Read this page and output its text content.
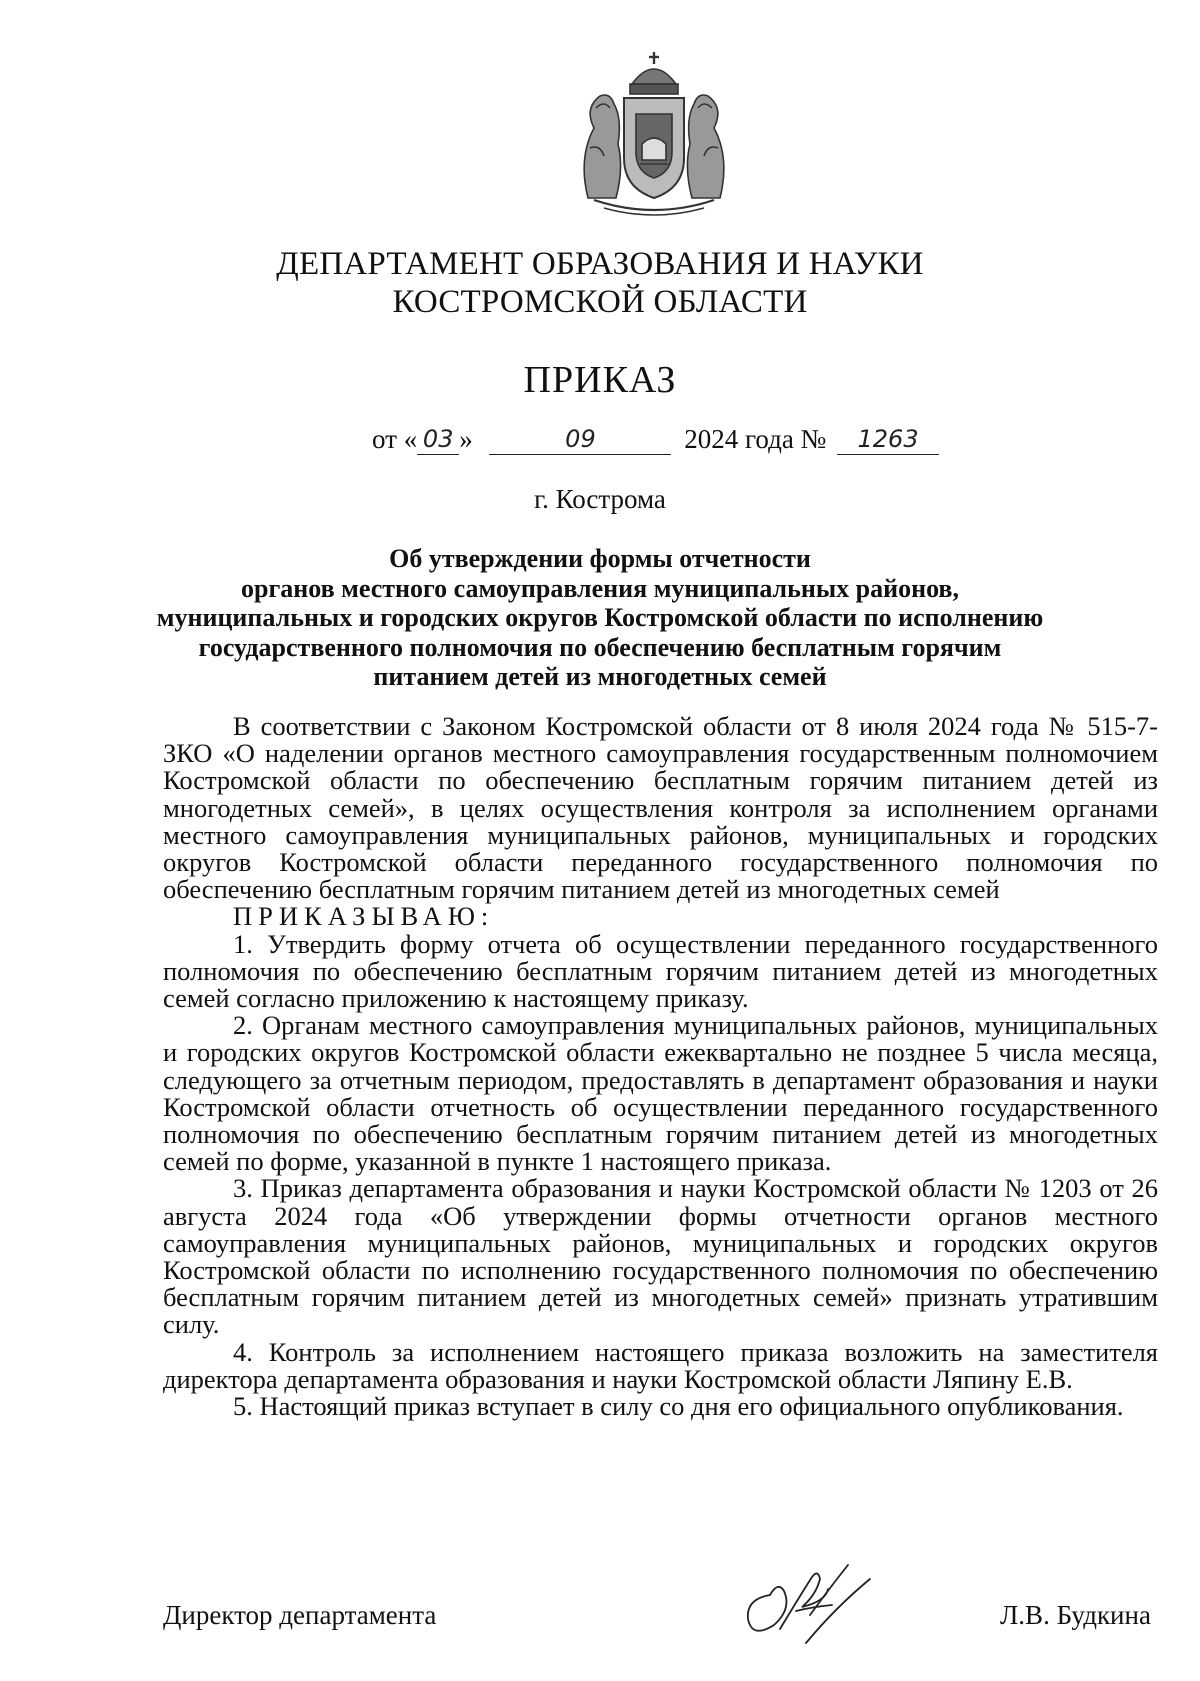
ДЕПАРТАМЕНТ ОБРАЗОВАНИЯ И НАУКИ
КОСТРОМСКОЙ ОБЛАСТИ
ПРИКАЗ
от « 03 »	09	2024 года № 1263
г. Кострома
Об утверждении формы отчетности
органов местного самоуправления муниципальных районов,
муниципальных и городских округов Костромской области по исполнению
государственного полномочия по обеспечению бесплатным горячим
питанием детей из многодетных семей

В соответствии с Законом Костромской области от 8 июля 2024 года № 515-7-ЗКО «О наделении органов местного самоуправления государственным полномочием Костромской области по обеспечению бесплатным горячим питанием детей из многодетных семей», в целях осуществления контроля за исполнением органами местного самоуправления муниципальных районов, муниципальных и городских округов Костромской области переданного государственного полномочия по обеспечению бесплатным горячим питанием детей из многодетных семей

ПРИКАЗЫВАЮ:

1. Утвердить форму отчета об осуществлении переданного государственного полномочия по обеспечению бесплатным горячим питанием детей из многодетных семей согласно приложению к настоящему приказу.

2. Органам местного самоуправления муниципальных районов, муниципальных и городских округов Костромской области ежеквартально не позднее 5 числа месяца, следующего за отчетным периодом, предоставлять в департамент образования и науки Костромской области отчетность об осуществлении переданного государственного полномочия по обеспечению бесплатным горячим питанием детей из многодетных семей по форме, указанной в пункте 1 настоящего приказа.

3. Приказ департамента образования и науки Костромской области № 1203 от 26 августа 2024 года «Об утверждении формы отчетности органов местного самоуправления муниципальных районов, муниципальных и городских округов Костромской области по исполнению государственного полномочия по обеспечению бесплатным горячим питанием детей из многодетных семей» признать утратившим силу.

4. Контроль за исполнением настоящего приказа возложить на заместителя директора департамента образования и науки Костромской области Ляпину Е.В.

5. Настоящий приказ вступает в силу со дня его официального опубликования.

Директор департамента	Л.В. Будкина
